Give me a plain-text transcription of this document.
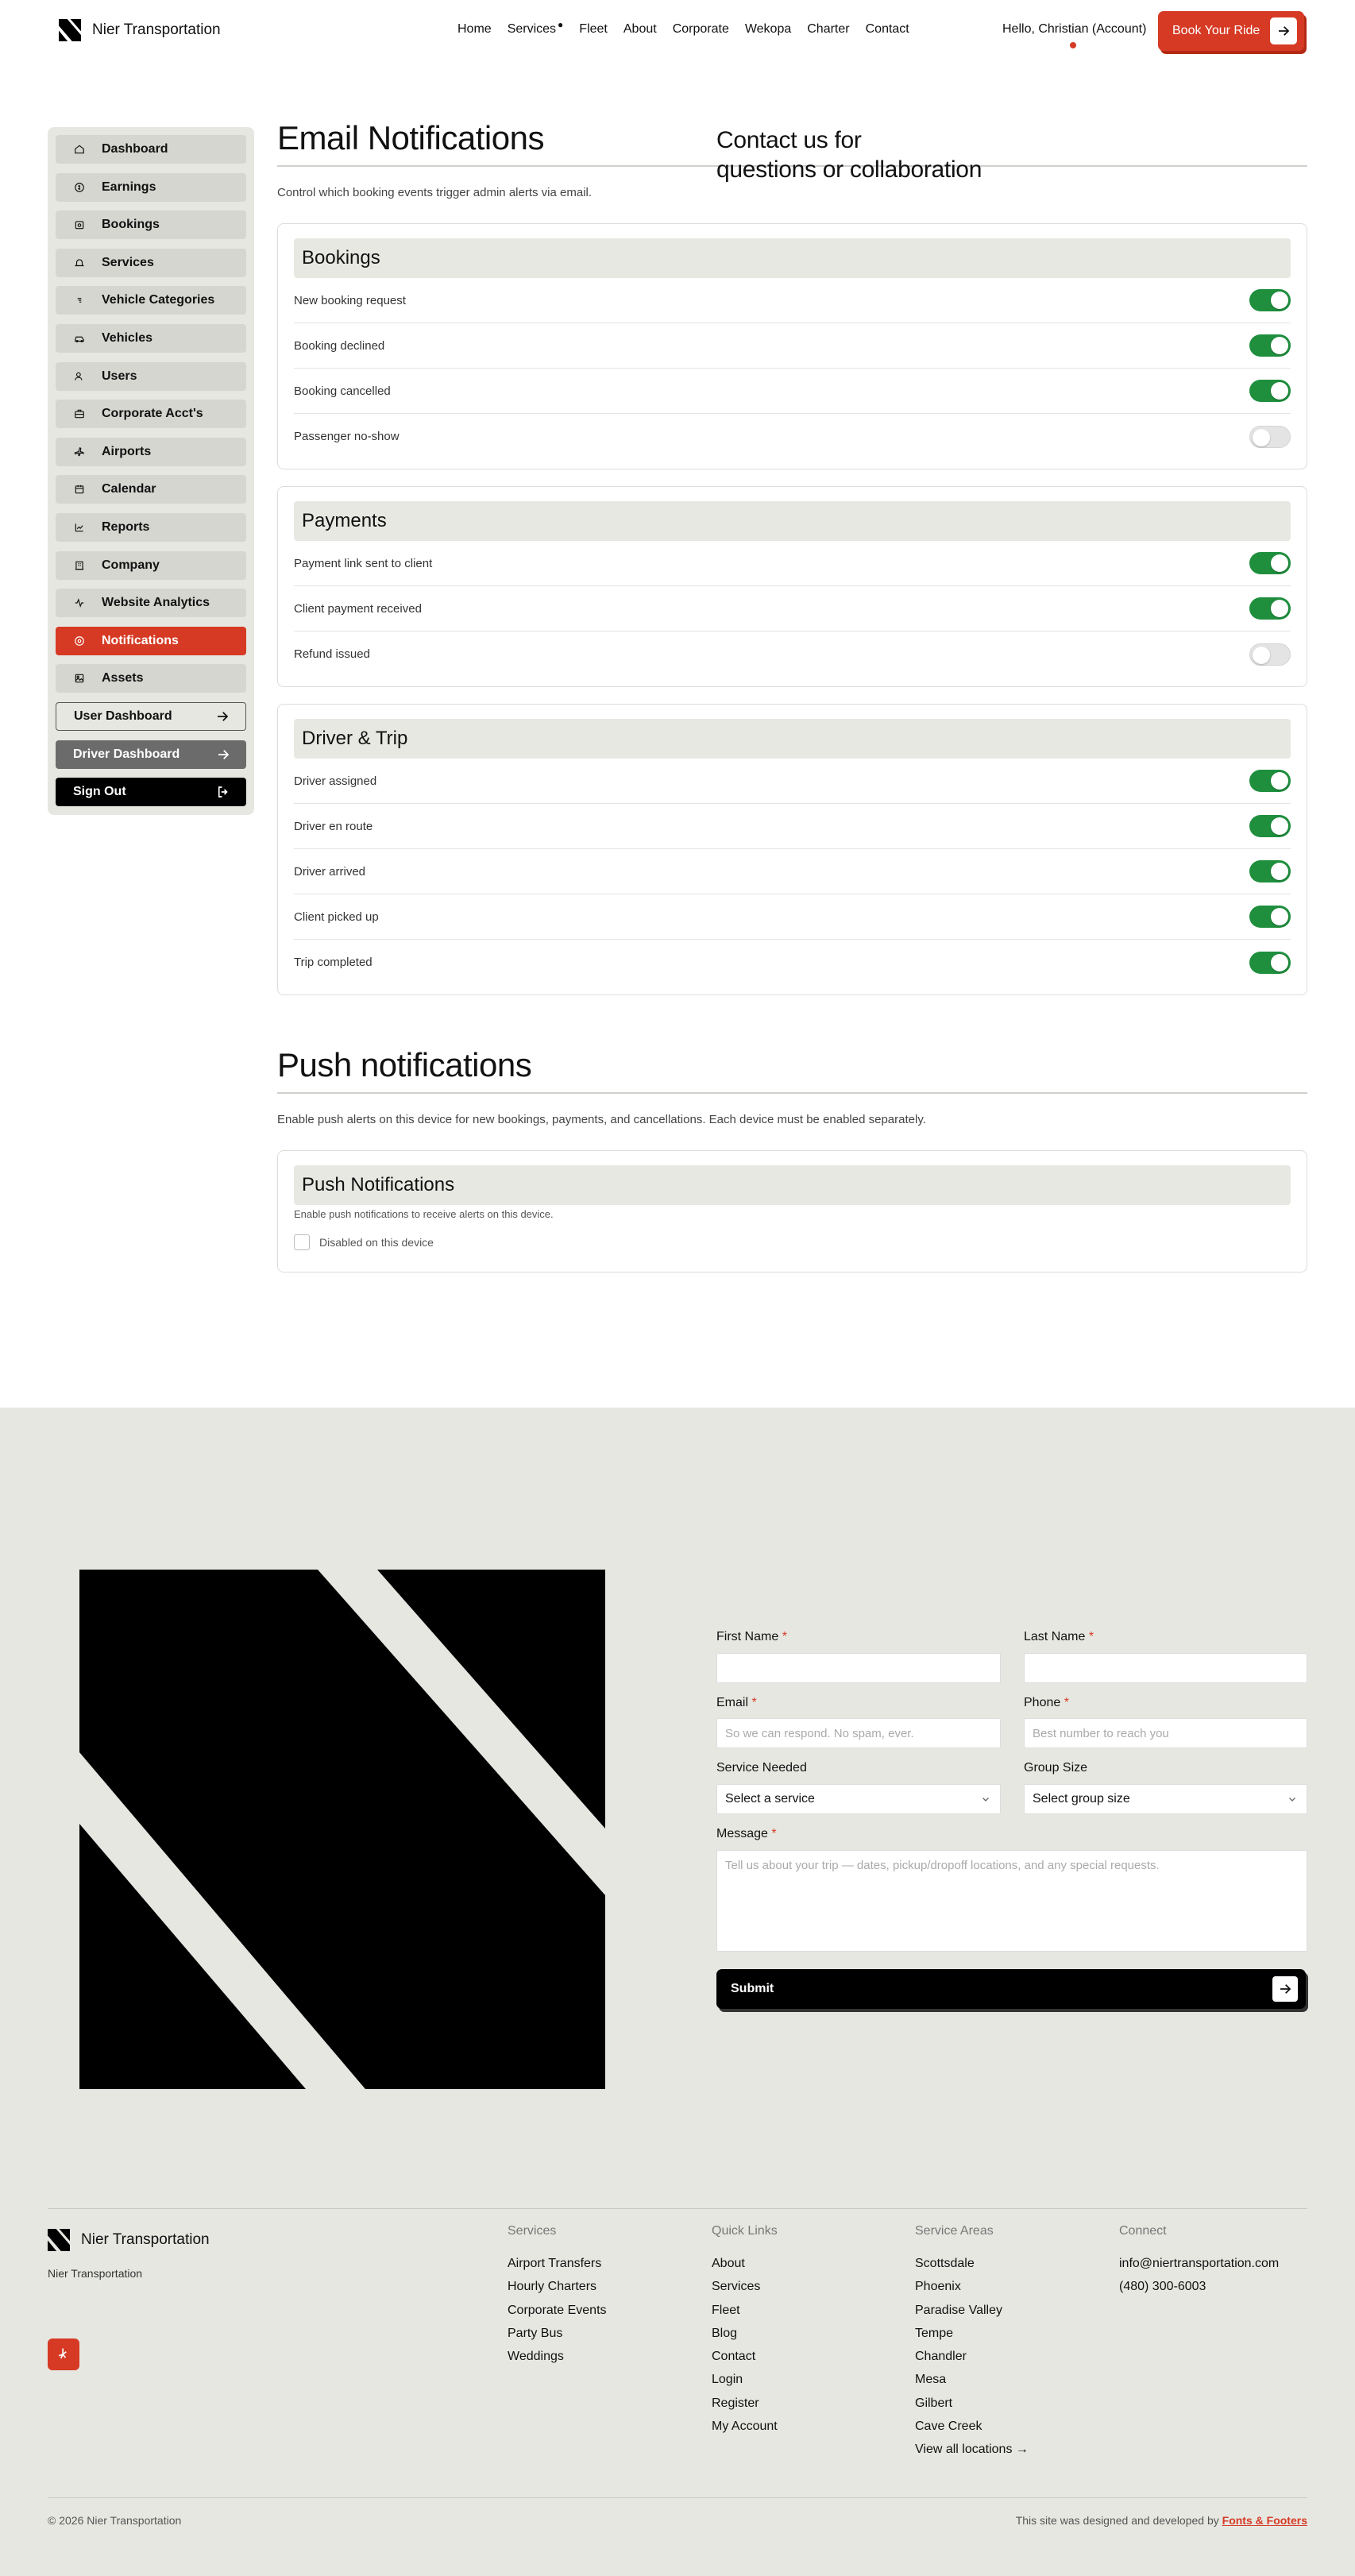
Nier Transportation	Home Services ● Fleet About Corporate Wekopa Charter Contact	Hello, Christian (Account) Book Your Ride
Dashboard
Earnings
Bookings
Services
Vehicle Categories
Vehicles
Users
Corporate Acct's
Airports
Calendar
Reports
Company
Website Analytics
Notifications
Assets
User Dashboard
Driver Dashboard
Sign Out
Email Notifications
Control which booking events trigger admin alerts via email.
Bookings
New booking request
Booking declined
Booking cancelled
Passenger no-show
Payments
Payment link sent to client
Client payment received
Refund issued
Driver & Trip
Driver assigned
Driver en route
Driver arrived
Client picked up
Trip completed
Push notifications
Enable push alerts on this device for new bookings, payments, and cancellations. Each device must be enabled separately.
Push Notifications
Enable push notifications to receive alerts on this device.
Disabled on this device
Contact us for
questions or collaboration
First Name *	Last Name *
Email *
So we can respond. No spam, ever.
Phone *
Best number to reach you
Service Needed
Select a service
Group Size
Select group size
Message *
Tell us about your trip — dates, pickup/dropoff locations, and any special requests.
Submit
Nier Transportation
Nier Transportation
Services
Airport Transfers
Hourly Charters
Corporate Events
Party Bus
Weddings
Quick Links
About
Services
Fleet
Blog
Contact
Login
Register
My Account
Service Areas
Scottsdale
Phoenix
Paradise Valley
Tempe
Chandler
Mesa
Gilbert
Cave Creek
View all locations →
Connect
info@niertransportation.com
(480) 300-6003
© 2026 Nier Transportation	This site was designed and developed by Fonts & Footers
